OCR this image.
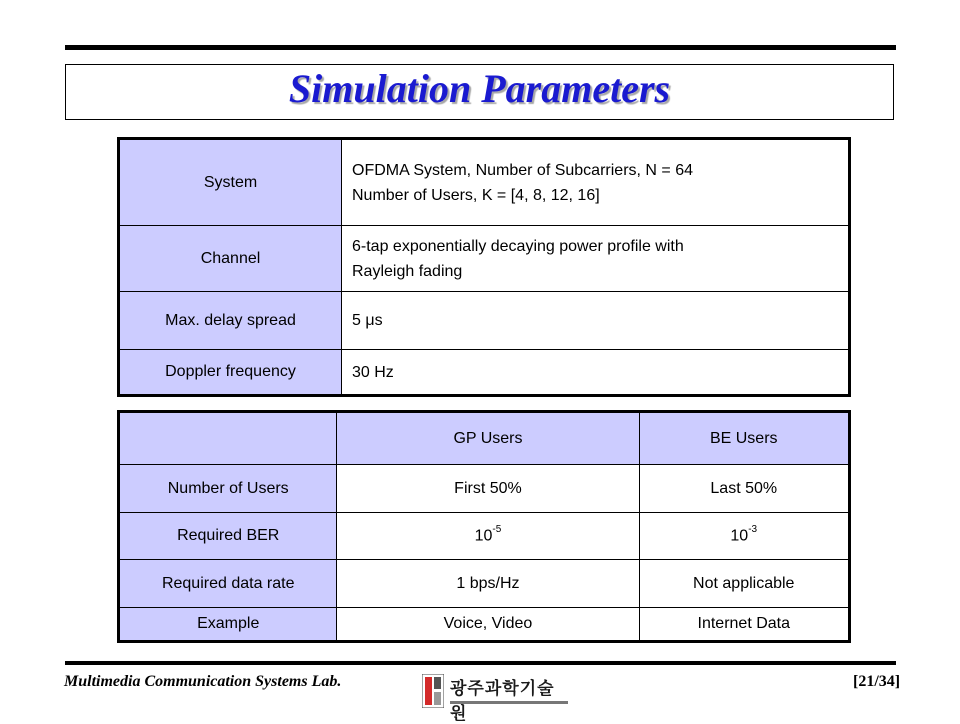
Simulation Parameters
System	OFDMA System, Number of Subcarriers, N = 64
Number of Users, K = [4, 8, 12, 16]

Channel	6-tap exponentially decaying power profile with
Rayleigh fading

Max. delay spread	5 μs
Doppler frequency	30 Hz
	GP Users	BE Users
Number of Users	First 50%	Last 50%
Required BER	$10^{-5}$	$10^{-3}$
Required data rate	1 bps/Hz	Not applicable
Example	Voice, Video	Internet Data
Multimedia Communication Systems Lab.	광주과학기술원
[21/34]
